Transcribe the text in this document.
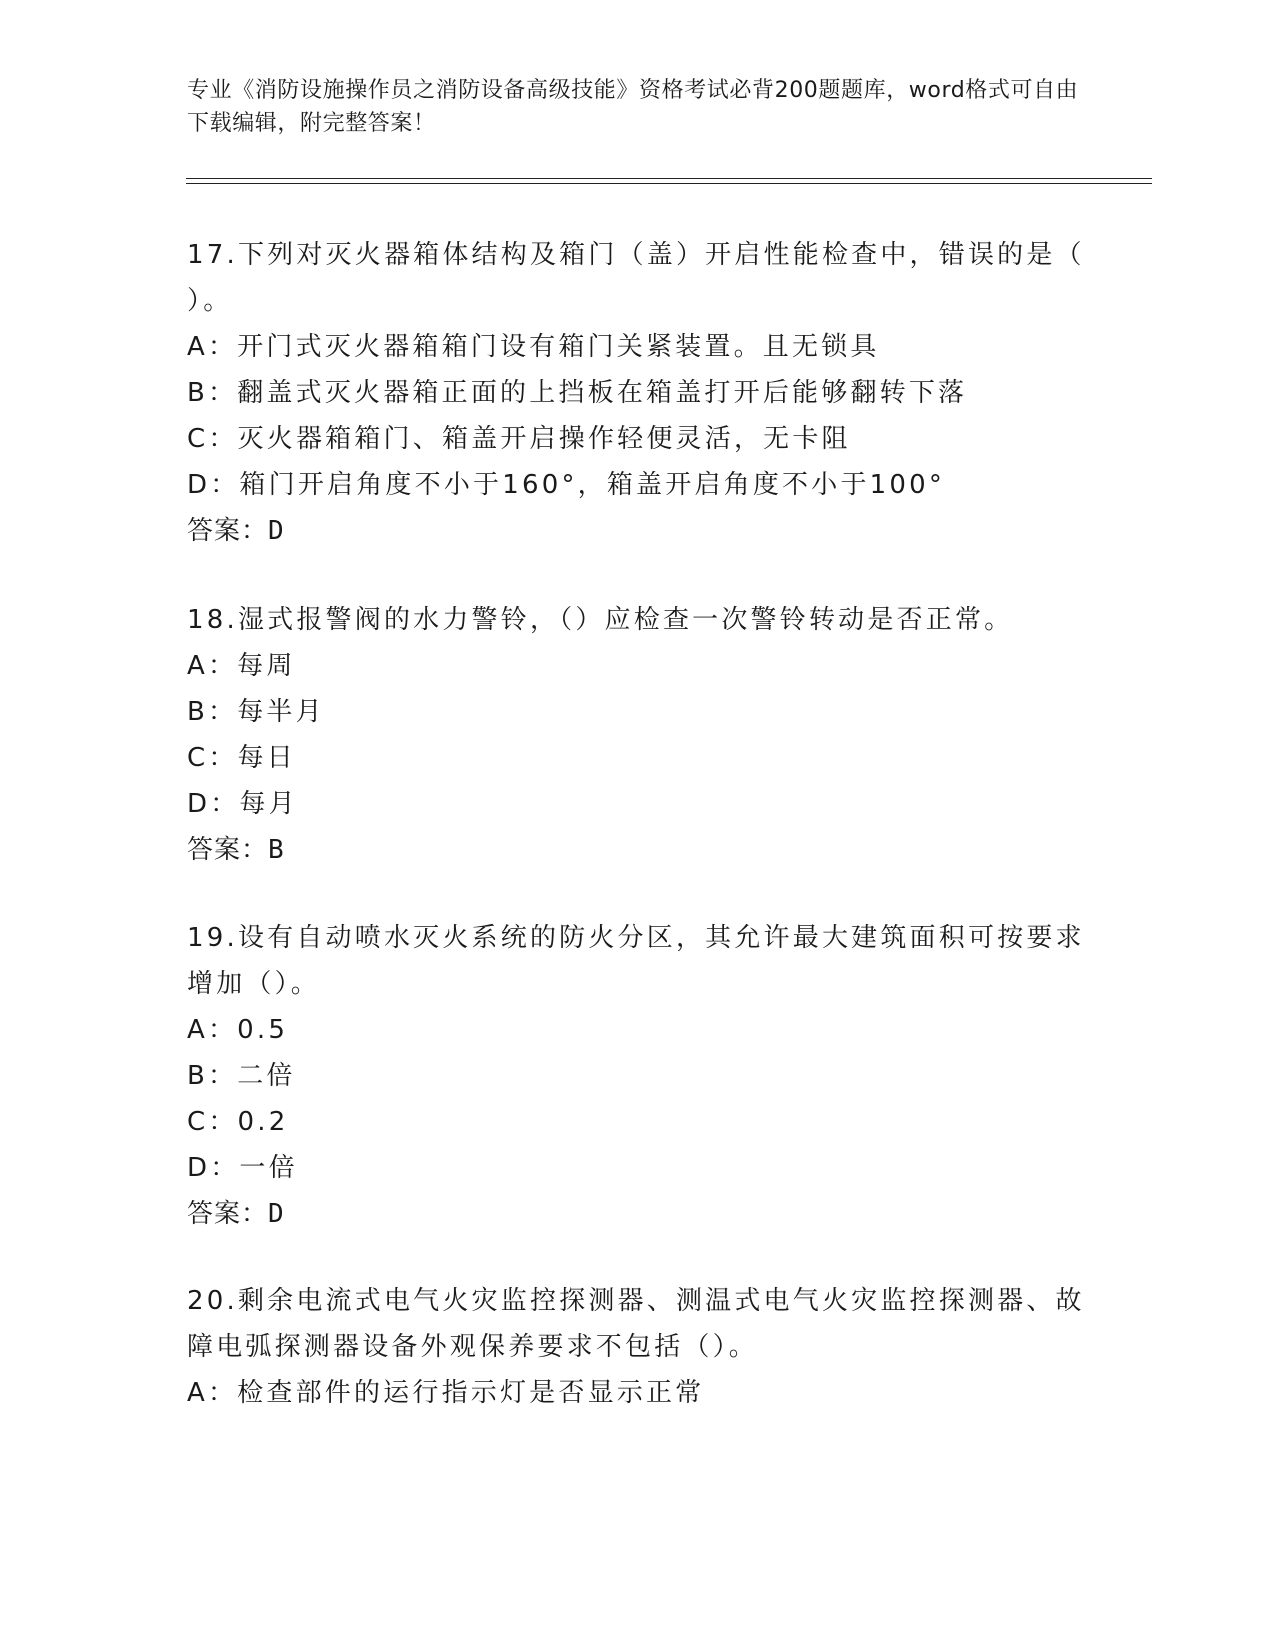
专业《消防设施操作员之消防设备高级技能》资格考试必背200题题库，word格式可自由下载编辑，附完整答案！

17.下列对灭火器箱体结构及箱门（盖）开启性能检查中，错误的是（ ）。

A：开门式灭火器箱箱门设有箱门关紧装置。且无锁具

B：翻盖式灭火器箱正面的上挡板在箱盖打开后能够翻转下落

C：灭火器箱箱门、箱盖开启操作轻便灵活，无卡阻

D：箱门开启角度不小于160°，箱盖开启角度不小于100°

答案：D

18.湿式报警阀的水力警铃，（）应检查一次警铃转动是否正常。

A：每周

B：每半月

C：每日

D：每月

答案：B

19.设有自动喷水灭火系统的防火分区，其允许最大建筑面积可按要求增加（）。

A：0.5

B：二倍

C：0.2

D：一倍

答案：D

20.剩余电流式电气火灾监控探测器、测温式电气火灾监控探测器、故障电弧探测器设备外观保养要求不包括（）。

A：检查部件的运行指示灯是否显示正常
